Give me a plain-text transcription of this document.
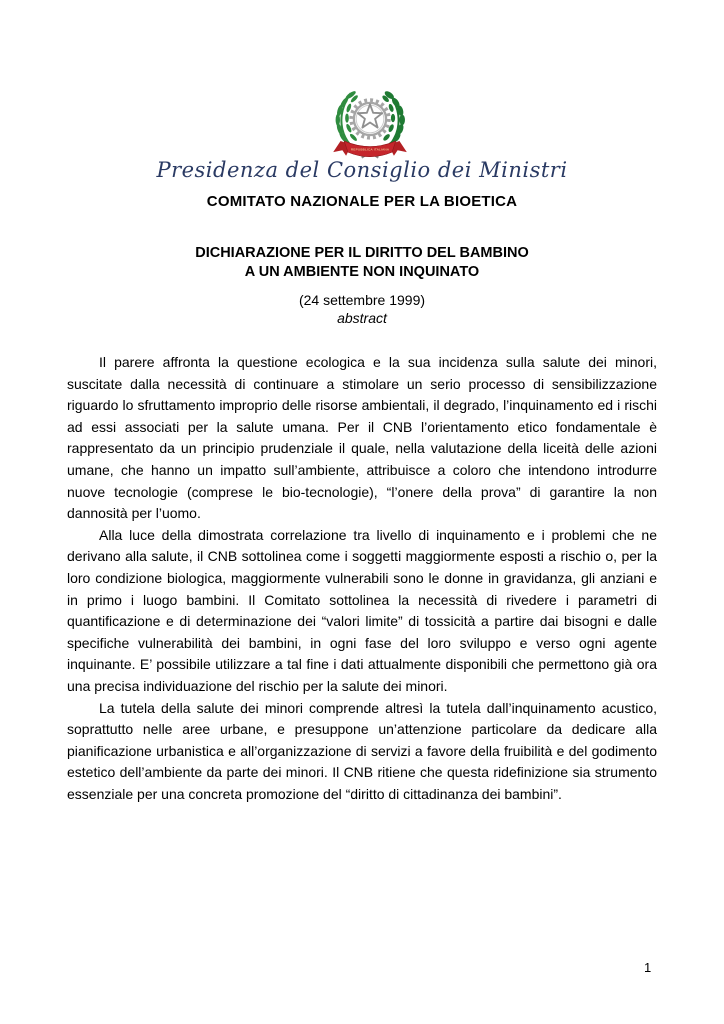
REPUBBLICA ITALIANA
Presidenza del Consiglio dei Ministri
COMITATO NAZIONALE PER LA BIOETICA
DICHIARAZIONE PER IL DIRITTO DEL BAMBINO
A UN AMBIENTE NON INQUINATO
(24 settembre 1999)
abstract

Il parere affronta la questione ecologica e la sua incidenza sulla salute dei minori, suscitate dalla necessità di continuare a stimolare un serio processo di sensibilizzazione riguardo lo sfruttamento improprio delle risorse ambientali, il degrado, l’inquinamento ed i rischi ad essi associati per la salute umana. Per il CNB l’orientamento etico fondamentale è rappresentato da un principio prudenziale il quale, nella valutazione della liceità delle azioni umane, che hanno un impatto sull’ambiente, attribuisce a coloro che intendono introdurre nuove tecnologie (comprese le bio-tecnologie), “l’onere della prova” di garantire la non dannosità per l’uomo.

Alla luce della dimostrata correlazione tra livello di inquinamento e i problemi che ne derivano alla salute, il CNB sottolinea come i soggetti maggiormente esposti a rischio o, per la loro condizione biologica, maggiormente vulnerabili sono le donne in gravidanza, gli anziani e in primo i luogo bambini. Il Comitato sottolinea la necessità di rivedere i parametri di quantificazione e di determinazione dei “valori limite” di tossicità a partire dai bisogni e dalle specifiche vulnerabilità dei bambini, in ogni fase del loro sviluppo e verso ogni agente inquinante. E’ possibile utilizzare a tal fine i dati attualmente disponibili che permettono già ora una precisa individuazione del rischio per la salute dei minori.

La tutela della salute dei minori comprende altresì la tutela dall’inquinamento acustico, soprattutto nelle aree urbane, e presuppone un’attenzione particolare da dedicare alla pianificazione urbanistica e all’organizzazione di servizi a favore della fruibilità e del godimento estetico dell’ambiente da parte dei minori. Il CNB ritiene che questa ridefinizione sia strumento essenziale per una concreta promozione del “diritto di cittadinanza dei bambini”.

1
